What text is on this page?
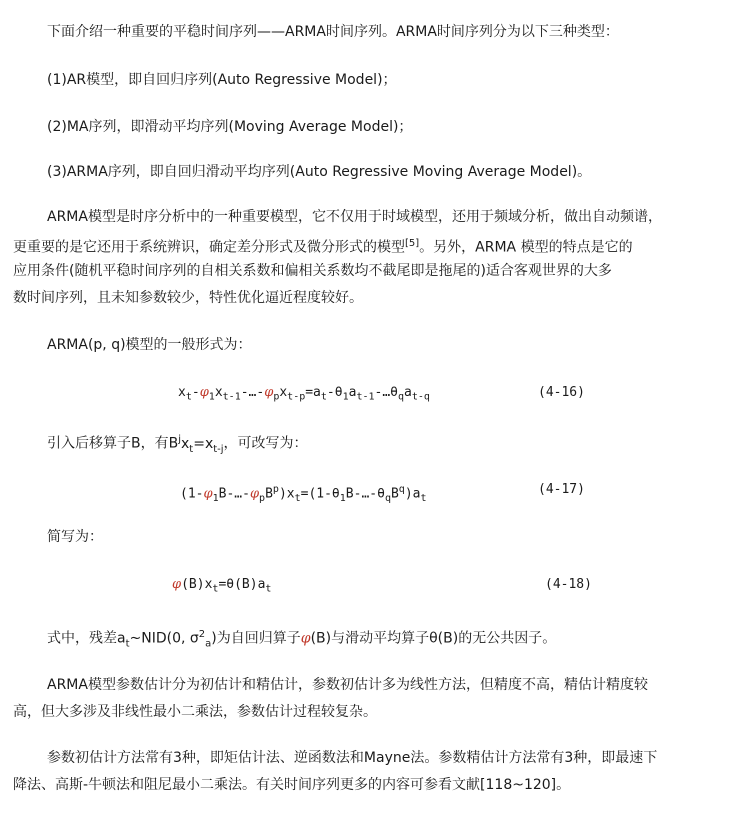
下面介绍一种重要的平稳时间序列——ARMA时间序列。ARMA时间序列分为以下三种类型：
(1)AR模型，即自回归序列(Auto Regressive Model)；
(2)MA序列，即滑动平均序列(Moving Average Model)；
(3)ARMA序列，即自回归滑动平均序列(Auto Regressive Moving Average Model)。
ARMA模型是时序分析中的一种重要模型，它不仅用于时域模型，还用于频域分析，做出自动频谱，
更重要的是它还用于系统辨识，确定差分形式及微分形式的模型[5]。另外，ARMA 模型的特点是它的
应用条件(随机平稳时间序列的自相关系数和偏相关系数均不截尾即是拖尾的)适合客观世界的大多
数时间序列，且未知参数较少，特性优化逼近程度较好。
ARMA(p, q)模型的一般形式为：
$x_t-\varphi_1x_{t-1}-\dots-\varphi_px_{t-p}=a_t-\theta_1a_{t-1}-\dots\theta_qa_{t-q}$	(4-16)
引入后移算子B，有$B^jx_t=x_{t-j}$，可改写为：
$(1-\varphi_1B-\dots-\varphi_pB^p)x_t=(1-\theta_1B-\dots-\theta_qB^q)a_t$
(4-17)
简写为：
$\varphi(B)x_t=\theta(B)a_t$	(4-18)
式中，残差$a_t\sim NID(0$, $\sigma^2_a$)为自回归算子φ(B)与滑动平均算子θ(B)的无公共因子。
ARMA模型参数估计分为初估计和精估计，参数初估计多为线性方法，但精度不高，精估计精度较
高，但大多涉及非线性最小二乘法，参数估计过程较复杂。
参数初估计方法常有3种，即矩估计法、逆函数法和Mayne法。参数精估计方法常有3种，即最速下
降法、高斯-牛顿法和阻尼最小二乘法。有关时间序列更多的内容可参看文献[118~120]。
